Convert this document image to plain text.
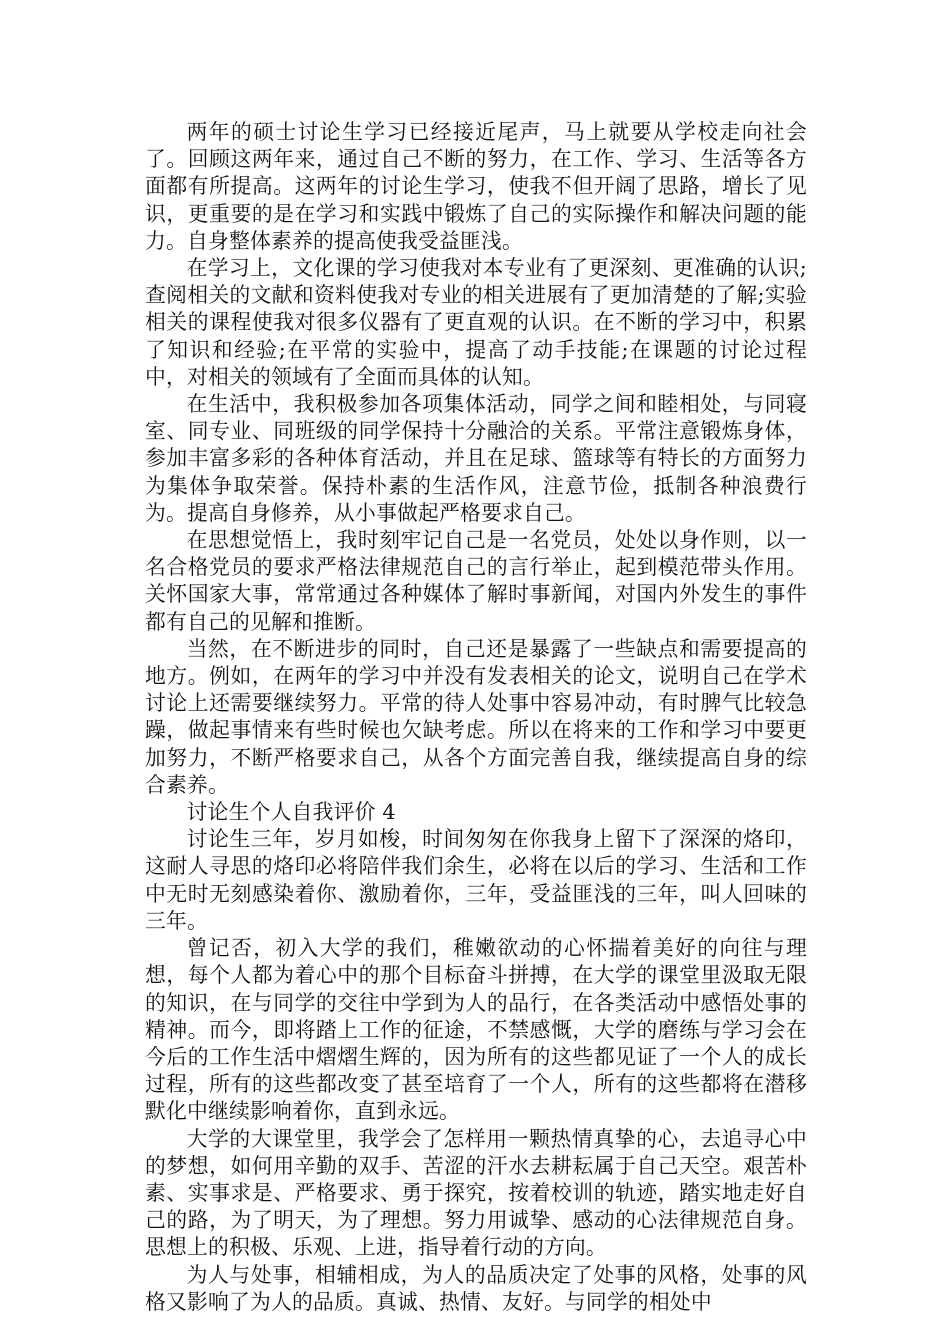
两年的硕士讨论生学习已经接近尾声，马上就要从学校走向社会了。回顾这两年来，通过自己不断的努力，在工作、学习、生活等各方面都有所提高。这两年的讨论生学习，使我不但开阔了思路，增长了见识，更重要的是在学习和实践中锻炼了自己的实际操作和解决问题的能力。自身整体素养的提高使我受益匪浅。

在学习上，文化课的学习使我对本专业有了更深刻、更准确的认识;查阅相关的文献和资料使我对专业的相关进展有了更加清楚的了解;实验相关的课程使我对很多仪器有了更直观的认识。在不断的学习中，积累了知识和经验;在平常的实验中，提高了动手技能;在课题的讨论过程中，对相关的领域有了全面而具体的认知。

在生活中，我积极参加各项集体活动，同学之间和睦相处，与同寝室、同专业、同班级的同学保持十分融洽的关系。平常注意锻炼身体，参加丰富多彩的各种体育活动，并且在足球、篮球等有特长的方面努力为集体争取荣誉。保持朴素的生活作风，注意节俭，抵制各种浪费行为。提高自身修养，从小事做起严格要求自己。

在思想觉悟上，我时刻牢记自己是一名党员，处处以身作则，以一名合格党员的要求严格法律规范自己的言行举止，起到模范带头作用。关怀国家大事，常常通过各种媒体了解时事新闻，对国内外发生的事件都有自己的见解和推断。

当然，在不断进步的同时，自己还是暴露了一些缺点和需要提高的地方。例如，在两年的学习中并没有发表相关的论文，说明自己在学术讨论上还需要继续努力。平常的待人处事中容易冲动，有时脾气比较急躁，做起事情来有些时候也欠缺考虑。所以在将来的工作和学习中要更加努力，不断严格要求自己，从各个方面完善自我，继续提高自身的综合素养。

讨论生个人自我评价 4

讨论生三年，岁月如梭，时间匆匆在你我身上留下了深深的烙印，这耐人寻思的烙印必将陪伴我们余生，必将在以后的学习、生活和工作中无时无刻感染着你、激励着你，三年，受益匪浅的三年，叫人回味的三年。

曾记否，初入大学的我们，稚嫩欲动的心怀揣着美好的向往与理想，每个人都为着心中的那个目标奋斗拼搏，在大学的课堂里汲取无限的知识，在与同学的交往中学到为人的品行，在各类活动中感悟处事的精神。而今，即将踏上工作的征途，不禁感慨，大学的磨练与学习会在今后的工作生活中熠熠生辉的，因为所有的这些都见证了一个人的成长过程，所有的这些都改变了甚至培育了一个人，所有的这些都将在潜移默化中继续影响着你，直到永远。

大学的大课堂里，我学会了怎样用一颗热情真挚的心，去追寻心中的梦想，如何用辛勤的双手、苦涩的汗水去耕耘属于自己天空。艰苦朴素、实事求是、严格要求、勇于探究，按着校训的轨迹，踏实地走好自己的路，为了明天，为了理想。努力用诚挚、感动的心法律规范自身。思想上的积极、乐观、上进，指导着行动的方向。

为人与处事，相辅相成，为人的品质决定了处事的风格，处事的风格又影响了为人的品质。真诚、热情、友好。与同学的相处中
